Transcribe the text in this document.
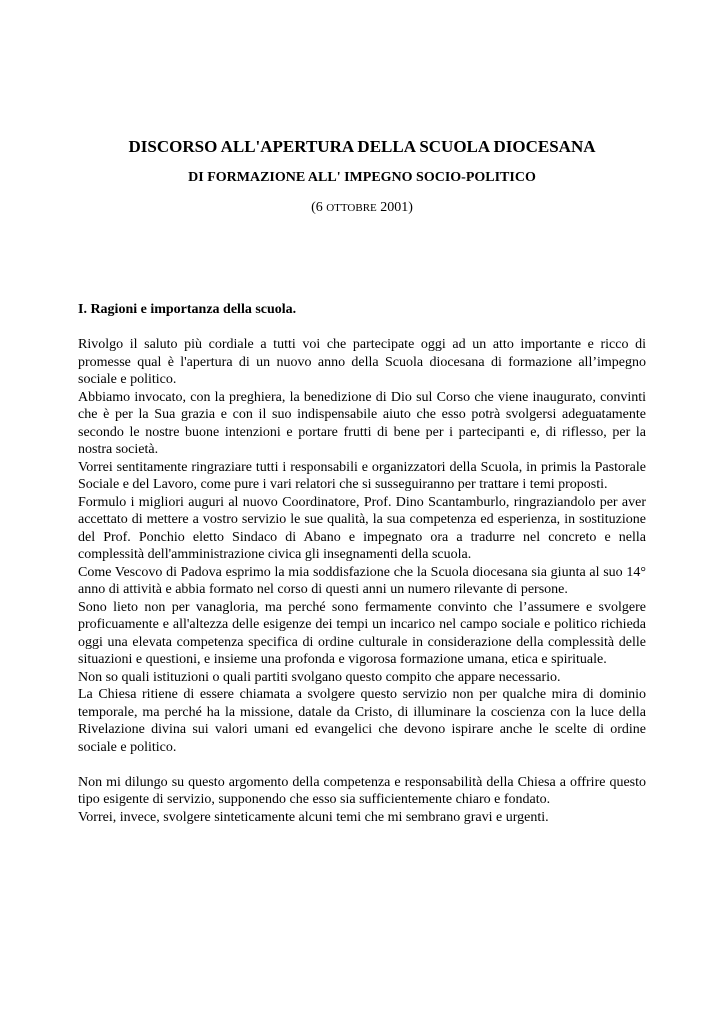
DISCORSO ALL'APERTURA DELLA SCUOLA DIOCESANA
DI FORMAZIONE ALL' IMPEGNO SOCIO-POLITICO

(6 OTTOBRE 2001)

I. Ragioni e importanza della scuola.

Rivolgo il saluto più cordiale a tutti voi che partecipate oggi ad un atto importante e ricco di promesse qual è l'apertura di un nuovo anno della Scuola diocesana di formazione all’impegno sociale e politico.

Abbiamo invocato, con la preghiera, la benedizione di Dio sul Corso che viene inaugurato, convinti che è per la Sua grazia e con il suo indispensabile aiuto che esso potrà svolgersi adeguatamente secondo le nostre buone intenzioni e portare frutti di bene per i partecipanti e, di riflesso, per la nostra società.

Vorrei sentitamente ringraziare tutti i responsabili e organizzatori della Scuola, in primis la Pastorale Sociale e del Lavoro, come pure i vari relatori che si susseguiranno per trattare i temi proposti.

Formulo i migliori auguri al nuovo Coordinatore, Prof. Dino Scantamburlo, ringraziandolo per aver accettato di mettere a vostro servizio le sue qualità, la sua competenza ed esperienza, in sostituzione del Prof. Ponchio eletto Sindaco di Abano e impegnato ora a tradurre nel concreto e nella complessità dell'amministrazione civica gli insegnamenti della scuola.

Come Vescovo di Padova esprimo la mia soddisfazione che la Scuola diocesana sia giunta al suo 14° anno di attività e abbia formato nel corso di questi anni un numero rilevante di persone.

Sono lieto non per vanagloria, ma perché sono fermamente convinto che l’assumere e svolgere proficuamente e all'altezza delle esigenze dei tempi un incarico nel campo sociale e politico richieda oggi una elevata competenza specifica di ordine culturale in considerazione della complessità delle situazioni e questioni, e insieme una profonda e vigorosa formazione umana, etica e spirituale.

Non so quali istituzioni o quali partiti svolgano questo compito che appare necessario.

La Chiesa ritiene di essere chiamata a svolgere questo servizio non per qualche mira di dominio temporale, ma perché ha la missione, datale da Cristo, di illuminare la coscienza con la luce della Rivelazione divina sui valori umani ed evangelici che devono ispirare anche le scelte di ordine sociale e politico.

Non mi dilungo su questo argomento della competenza e responsabilità della Chiesa a offrire questo tipo esigente di servizio, supponendo che esso sia sufficientemente chiaro e fondato.

Vorrei, invece, svolgere sinteticamente alcuni temi che mi sembrano gravi e urgenti.
